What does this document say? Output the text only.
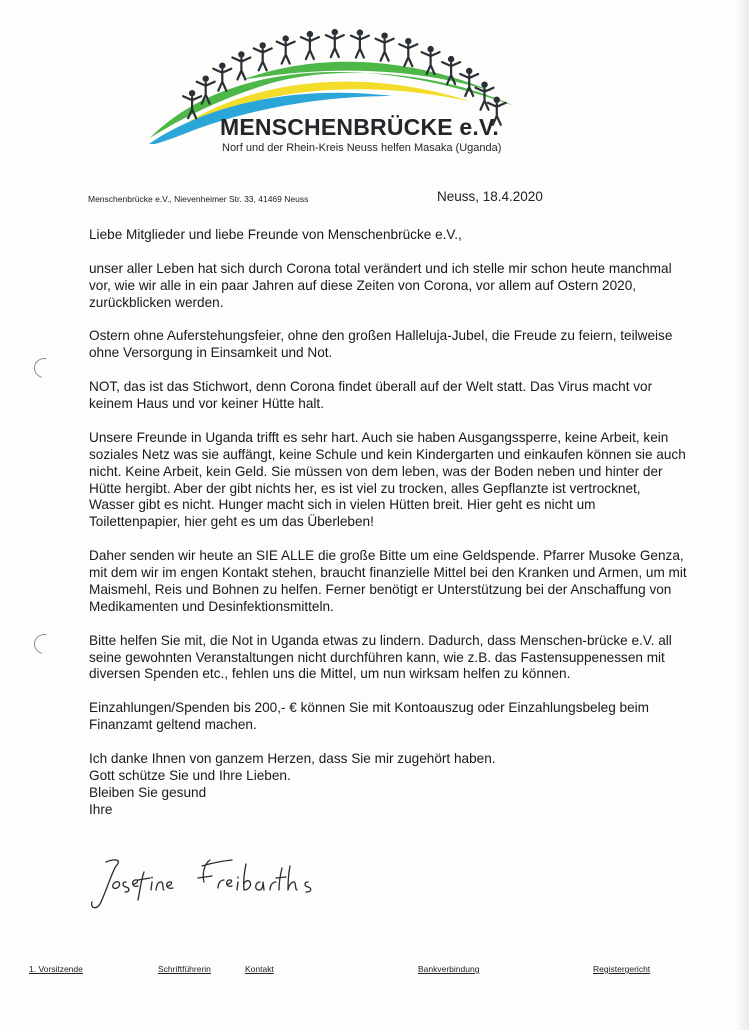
MENSCHENBRÜCKE e.V.
Norf und der Rhein-Kreis Neuss helfen Masaka (Uganda)
Menschenbrücke e.V., Nievenheimer Str. 33, 41469 Neuss	Neuss, 18.4.2020

Liebe Mitglieder und liebe Freunde von Menschenbrücke e.V.,

unser aller Leben hat sich durch Corona total verändert und ich stelle mir schon heute manchmal vor, wie wir alle in ein paar Jahren auf diese Zeiten von Corona, vor allem auf Ostern 2020, zurückblicken werden.

Ostern ohne Auferstehungsfeier, ohne den großen Halleluja-Jubel, die Freude zu feiern, teilweise ohne Versorgung in Einsamkeit und Not.

NOT, das ist das Stichwort, denn Corona findet überall auf der Welt statt. Das Virus macht vor keinem Haus und vor keiner Hütte halt.

Unsere Freunde in Uganda trifft es sehr hart. Auch sie haben Ausgangssperre, keine Arbeit, kein soziales Netz was sie auffängt, keine Schule und kein Kindergarten und einkaufen können sie auch nicht. Keine Arbeit, kein Geld. Sie müssen von dem leben, was der Boden neben und hinter der Hütte hergibt. Aber der gibt nichts her, es ist viel zu trocken, alles Gepflanzte ist vertrocknet, Wasser gibt es nicht. Hunger macht sich in vielen Hütten breit. Hier geht es nicht um Toilettenpapier, hier geht es um das Überleben!

Daher senden wir heute an SIE ALLE die große Bitte um eine Geldspende. Pfarrer Musoke Genza, mit dem wir im engen Kontakt stehen, braucht finanzielle Mittel bei den Kranken und Armen, um mit Maismehl, Reis und Bohnen zu helfen. Ferner benötigt er Unterstützung bei der Anschaffung von Medikamenten und Desinfektionsmitteln.

Bitte helfen Sie mit, die Not in Uganda etwas zu lindern. Dadurch, dass Menschen-brücke e.V. all seine gewohnten Veranstaltungen nicht durchführen kann, wie z.B. das Fastensuppenessen mit diversen Spenden etc., fehlen uns die Mittel, um nun wirksam helfen zu können.

Einzahlungen/Spenden bis 200,- € können Sie mit Kontoauszug oder Einzahlungsbeleg beim Finanzamt geltend machen.

Ich danke Ihnen von ganzem Herzen, dass Sie mir zugehört haben.
Gott schütze Sie und Ihre Lieben.
Bleiben Sie gesund
Ihre
1. Vorsitzende	Schriftführerin	Kontakt	Bankverbindung	Registergericht
